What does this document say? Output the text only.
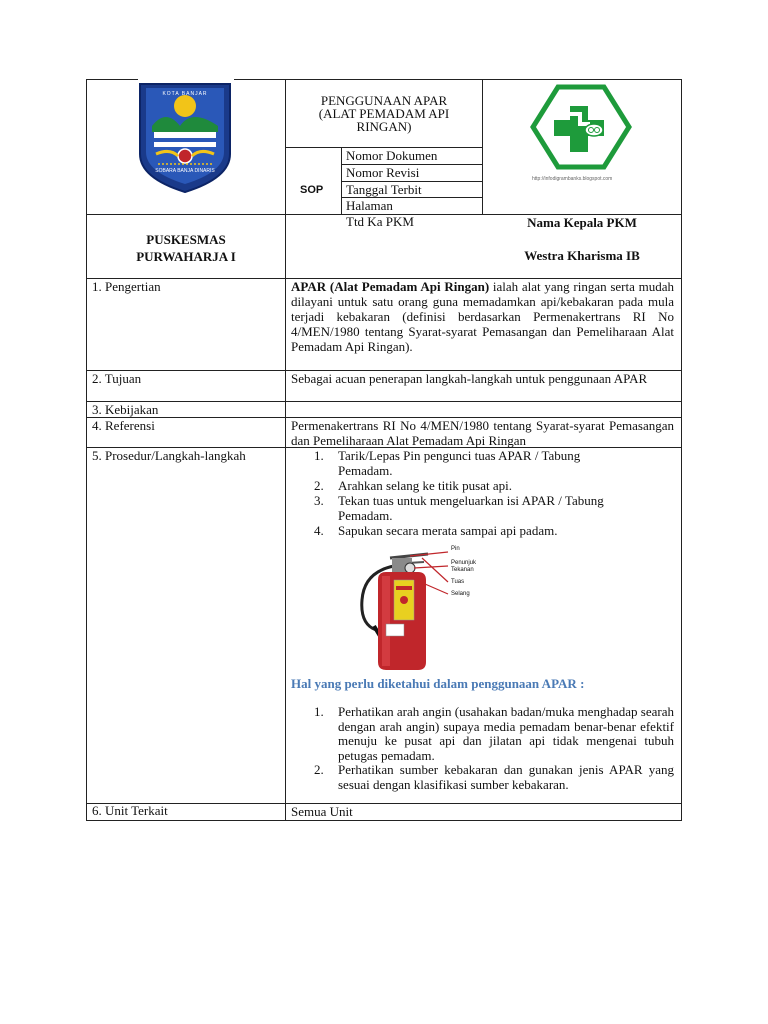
KOTA BANJAR
SOBARA BANJA DINARIS
PENGGUNAAN APAR
(ALAT PEMADAM API
RINGAN)
http://infodigrambanks.blogspot.com
SOP
Nomor Dokumen
Nomor Revisi
Tanggal Terbit
Halaman
Ttd Ka PKM
PUSKESMAS
PURWAHARJA I
Nama Kepala PKM
Westra Kharisma IB
1. Pengertian	APAR (Alat Pemadam Api Ringan) ialah alat yang ringan serta mudah dilayani untuk satu orang guna memadamkan api/kebakaran pada mula terjadi kebakaran (definisi berdasarkan Permenakertrans RI No 4/MEN/1980 tentang Syarat-syarat Pemasangan dan Pemeliharaan Alat Pemadam Api Ringan).
2. Tujuan	Sebagai acuan penerapan langkah-langkah untuk penggunaan APAR
3. Kebijakan
4. Referensi	Permenakertrans RI No 4/MEN/1980 tentang Syarat-syarat Pemasangan dan Pemeliharaan Alat Pemadam Api Ringan
5. Prosedur/Langkah-langkah	1. Tarik/Lepas Pin pengunci tuas APAR / Tabung
Pemadam.
2. Arahkan selang ke titik pusat api.
3. Tekan tuas untuk mengeluarkan isi APAR / Tabung
Pemadam.
4. Sapukan secara merata sampai api padam.
Pin
Penunjuk
Tekanan
Tuas
Selang
Hal yang perlu diketahui dalam penggunaan APAR :
1. Perhatikan arah angin (usahakan badan/muka menghadap searah dengan arah angin) supaya media pemadam benar-benar efektif menuju ke pusat api dan jilatan api tidak mengenai tubuh petugas pemadam.
2. Perhatikan sumber kebakaran dan gunakan jenis APAR yang sesuai dengan klasifikasi sumber kebakaran.
6. Unit Terkait	Semua Unit
